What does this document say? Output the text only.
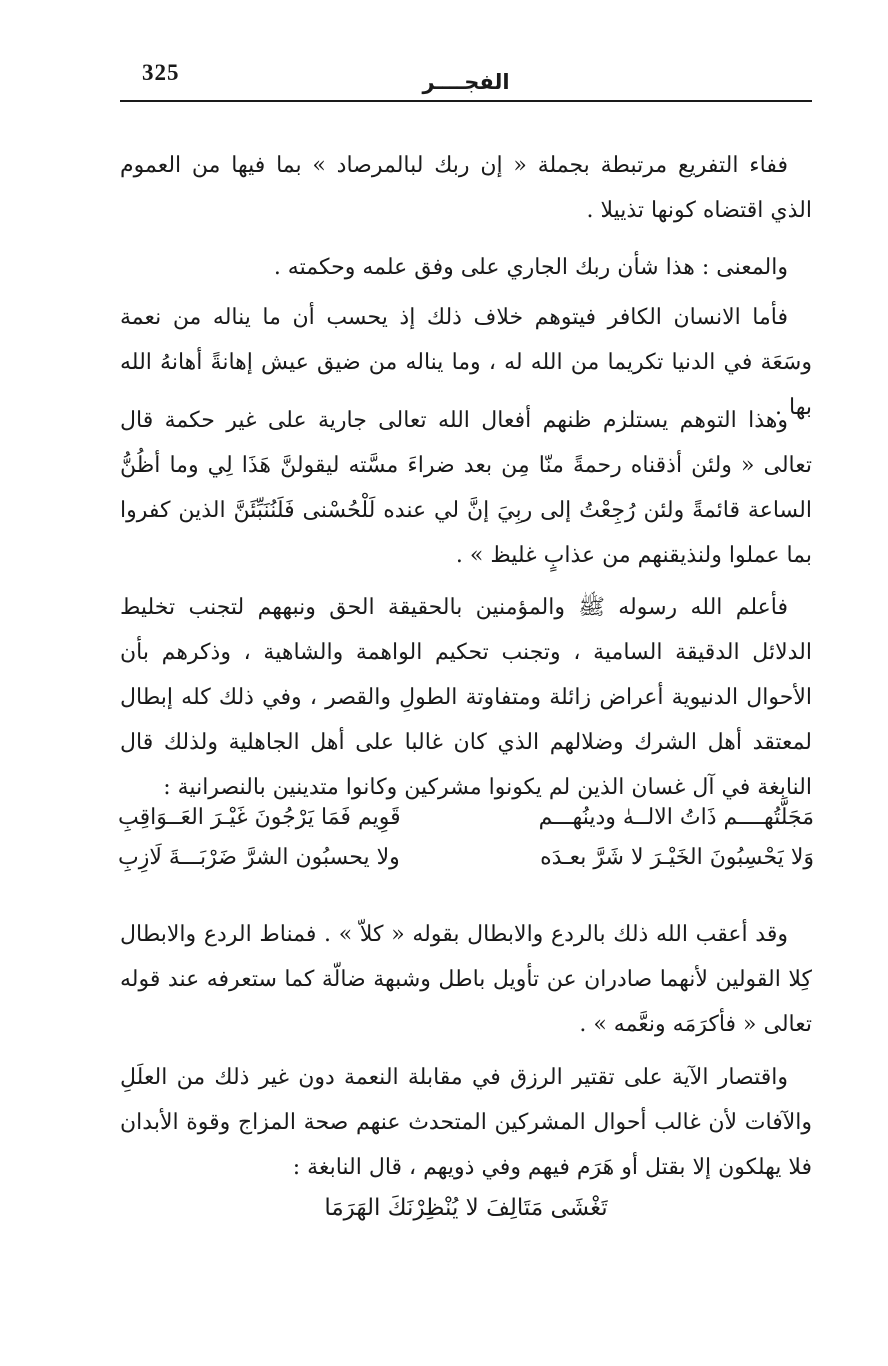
325	الفجــــر

ففاء التفريع مرتبطة بجملة « إن ربك لبالمرصاد » بما فيها من العموم الذي اقتضاه كونها تذييلا .

والمعنى : هذا شأن ربك الجاري على وفق علمه وحكمته .

فأما الانسان الكافر فيتوهم خلاف ذلك إذ يحسب أن ما يناله من نعمة وسَعَة في الدنيا تكريما من الله له ، وما يناله من ضيق عيش إهانةً أهانهُ الله بها .

وهذا التوهم يستلزم ظنهم أفعال الله تعالى جارية على غير حكمة قال تعالى « ولئن أذقناه رحمةً منّا مِن بعد ضراءَ مسَّته ليقولنَّ هَذَا لِي وما أظُنُّ الساعة قائمةً ولئن رُجِعْتُ إلى ربِيَ إنَّ لي عنده لَلْحُسْنى فَلَنُنَبِّئَنَّ الذين كفروا بما عملوا ولنذيقنهم من عذابٍ غليظ » .

فأعلم الله رسوله ﷺ والمؤمنين بالحقيقة الحق ونبههم لتجنب تخليط الدلائل الدقيقة السامية ، وتجنب تحكيم الواهمة والشاهية ، وذكرهم بأن الأحوال الدنيوية أعراض زائلة ومتفاوتة الطولِ والقصر ، وفي ذلك كله إبطال لمعتقد أهل الشرك وضلالهم الذي كان غالبا على أهل الجاهلية ولذلك قال النابغة في آل غسان الذين لم يكونوا مشركين وكانوا متدينين بالنصرانية :

مَجَلَّتُهــــم ذَاتُ الالــهٰ ودينُهـــم
قَوِيم فَمَا يَرْجُونَ غَيْـرَ العَــوَاقِبِ
وَلا يَحْسِبُونَ الخَيْـرَ لا شَرَّ بعـدَه
ولا يحسبُون الشرَّ ضَرْبَـــةَ لَازِبِ

وقد أعقب الله ذلك بالردع والابطال بقوله « كلاّ » . فمناط الردع والابطال كِلا القولين لأنهما صادران عن تأويل باطل وشبهة ضالّة كما ستعرفه عند قوله تعالى « فأكرَمَه ونعَّمه » .

واقتصار الآية على تقتير الرزق في مقابلة النعمة دون غير ذلك من العلَلِ والآفات لأن غالب أحوال المشركين المتحدث عنهم صحة المزاج وقوة الأبدان فلا يهلكون إلا بقتل أو هَرَم فيهم وفي ذويهم ، قال النابغة :

تَغْشَى مَتَالِفَ لا يُنْظِرْنَكَ الهَرَمَا
